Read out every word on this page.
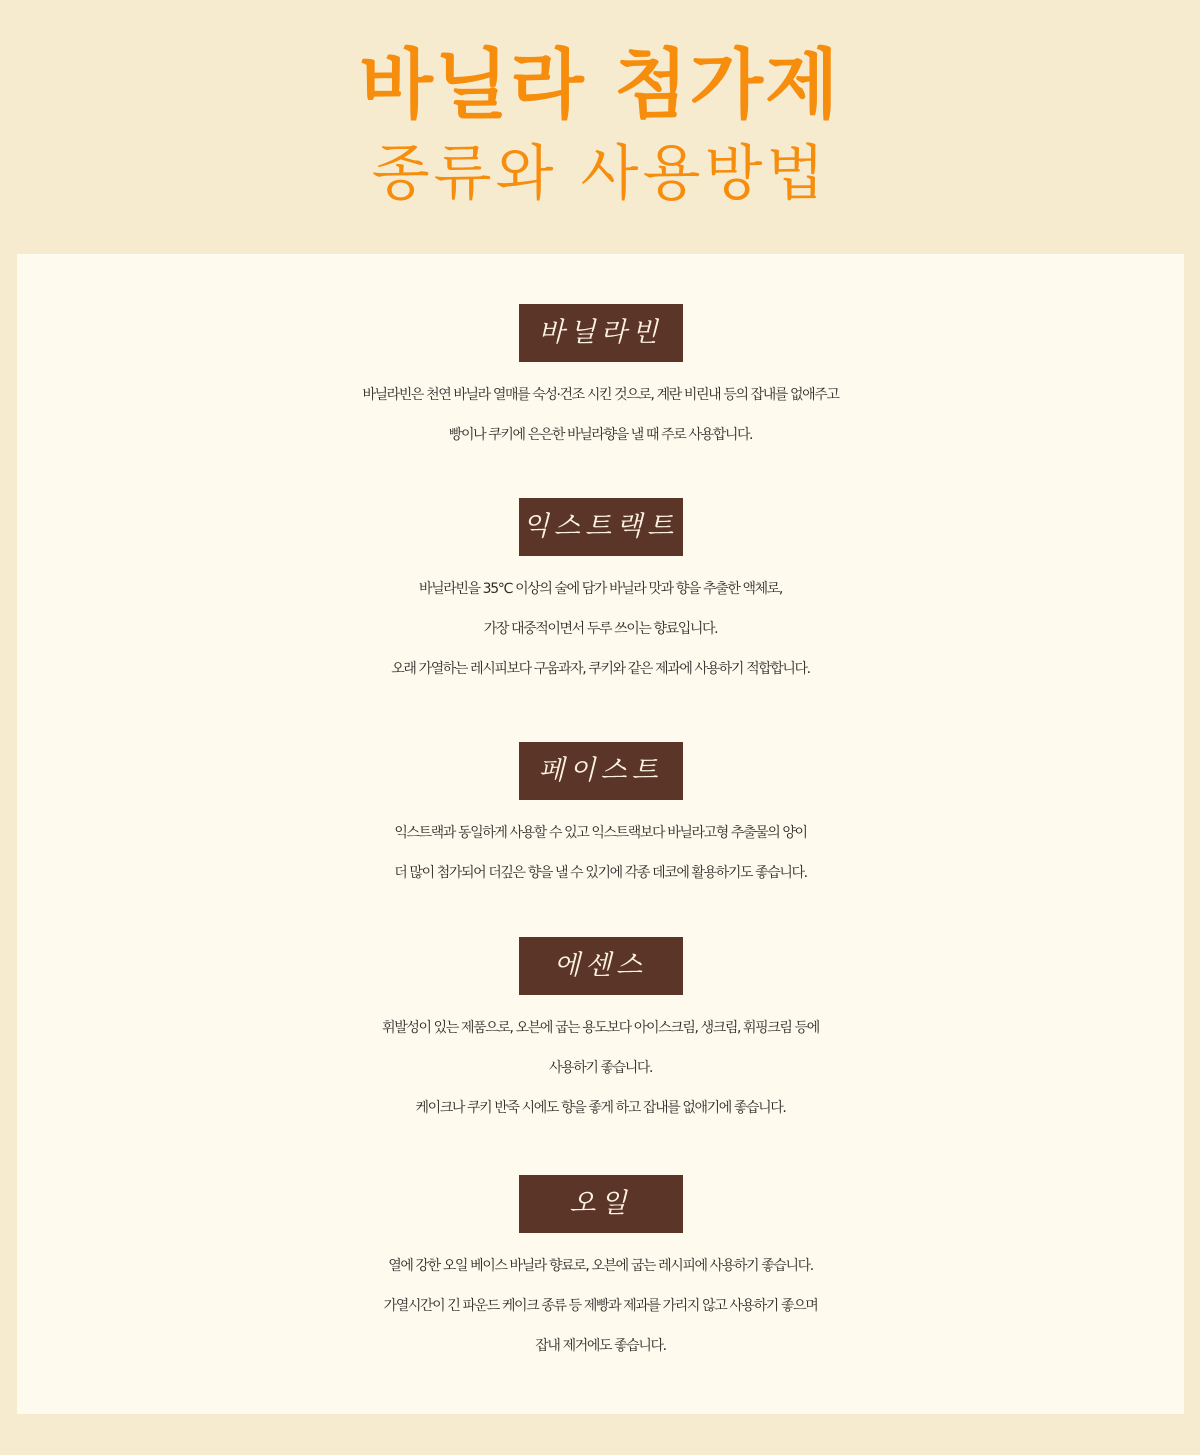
바닐라 첨가제
종류와 사용방법
바닐라빈

바닐라빈은 천연 바닐라 열매를 숙성·건조 시킨 것으로, 계란 비린내 등의 잡내를 없애주고
빵이나 쿠키에 은은한 바닐라향을 낼 때 주로 사용합니다.

익스트랙트

바닐라빈을 35℃ 이상의 술에 담가 바닐라 맛과 향을 추출한 액체로,
가장 대중적이면서 두루 쓰이는 향료입니다.
오래 가열하는 레시피보다 구움과자, 쿠키와 같은 제과에 사용하기 적합합니다.

페이스트

익스트랙과 동일하게 사용할 수 있고 익스트랙보다 바닐라고형 추출물의 양이
더 많이 첨가되어 더깊은 향을 낼 수 있기에 각종 데코에 활용하기도 좋습니다.

에센스

휘발성이 있는 제품으로, 오븐에 굽는 용도보다 아이스크림, 생크림, 휘핑크림 등에
사용하기 좋습니다.
케이크나 쿠키 반죽 시에도 향을 좋게 하고 잡내를 없애기에 좋습니다.

오일

열에 강한 오일 베이스 바닐라 향료로, 오븐에 굽는 레시피에 사용하기 좋습니다.
가열시간이 긴 파운드 케이크 종류 등 제빵과 제과를 가리지 않고 사용하기 좋으며
잡내 제거에도 좋습니다.
